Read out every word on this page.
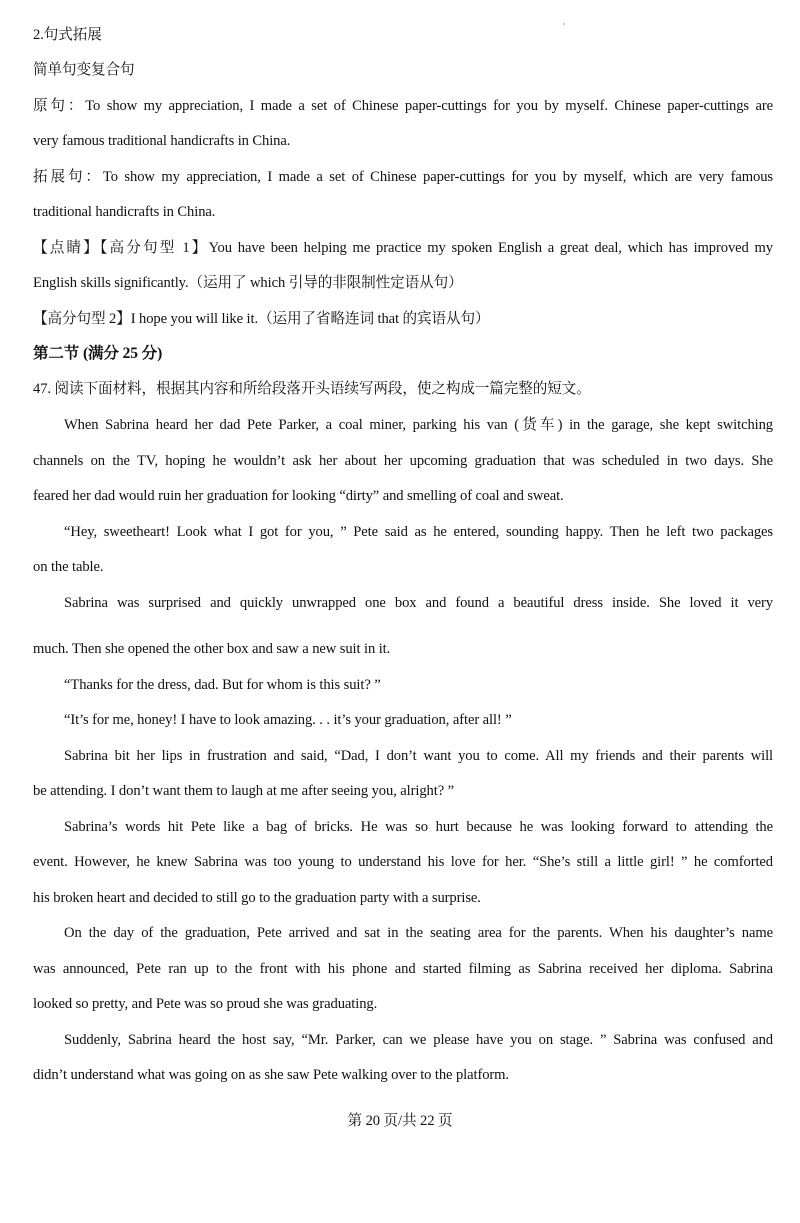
2.句式拓展
简单句变复合句
原句：To show my appreciation, I made a set of Chinese paper-cuttings for you by myself. Chinese paper-cuttings are
very famous traditional handicrafts in China.
拓展句：To show my appreciation, I made a set of Chinese paper-cuttings for you by myself, which are very famous
traditional handicrafts in China.
【点睛】【高分句型 1】You have been helping me practice my spoken English a great deal, which has improved my
English skills significantly.（运用了 which 引导的非限制性定语从句）
【高分句型 2】I hope you will like it.（运用了省略连词 that 的宾语从句）
第二节 (满分 25 分)
47. 阅读下面材料，根据其内容和所给段落开头语续写两段，使之构成一篇完整的短文。
When Sabrina heard her dad Pete Parker, a coal miner, parking his van (货车) in the garage, she kept switching
channels on the TV, hoping he wouldn’t ask her about her upcoming graduation that was scheduled in two days. She
feared her dad would ruin her graduation for looking “dirty” and smelling of coal and sweat.
“Hey, sweetheart! Look what I got for you, ” Pete said as he entered, sounding happy. Then he left two packages
on the table.
Sabrina was surprised and quickly unwrapped one box and found a beautiful dress inside. She loved it very
much. Then she opened the other box and saw a new suit in it.
“Thanks for the dress, dad. But for whom is this suit? ”
“It’s for me, honey! I have to look amazing. . . it’s your graduation, after all! ”
Sabrina bit her lips in frustration and said, “Dad, I don’t want you to come. All my friends and their parents will
be attending. I don’t want them to laugh at me after seeing you, alright? ”
Sabrina’s words hit Pete like a bag of bricks. He was so hurt because he was looking forward to attending the
event. However, he knew Sabrina was too young to understand his love for her. “She’s still a little girl! ” he comforted
his broken heart and decided to still go to the graduation party with a surprise.
On the day of the graduation, Pete arrived and sat in the seating area for the parents. When his daughter’s name
was announced, Pete ran up to the front with his phone and started filming as Sabrina received her diploma. Sabrina
looked so pretty, and Pete was so proud she was graduating.
Suddenly, Sabrina heard the host say, “Mr. Parker, can we please have you on stage. ” Sabrina was confused and
didn’t understand what was going on as she saw Pete walking over to the platform.
第 20 页/共 22 页
